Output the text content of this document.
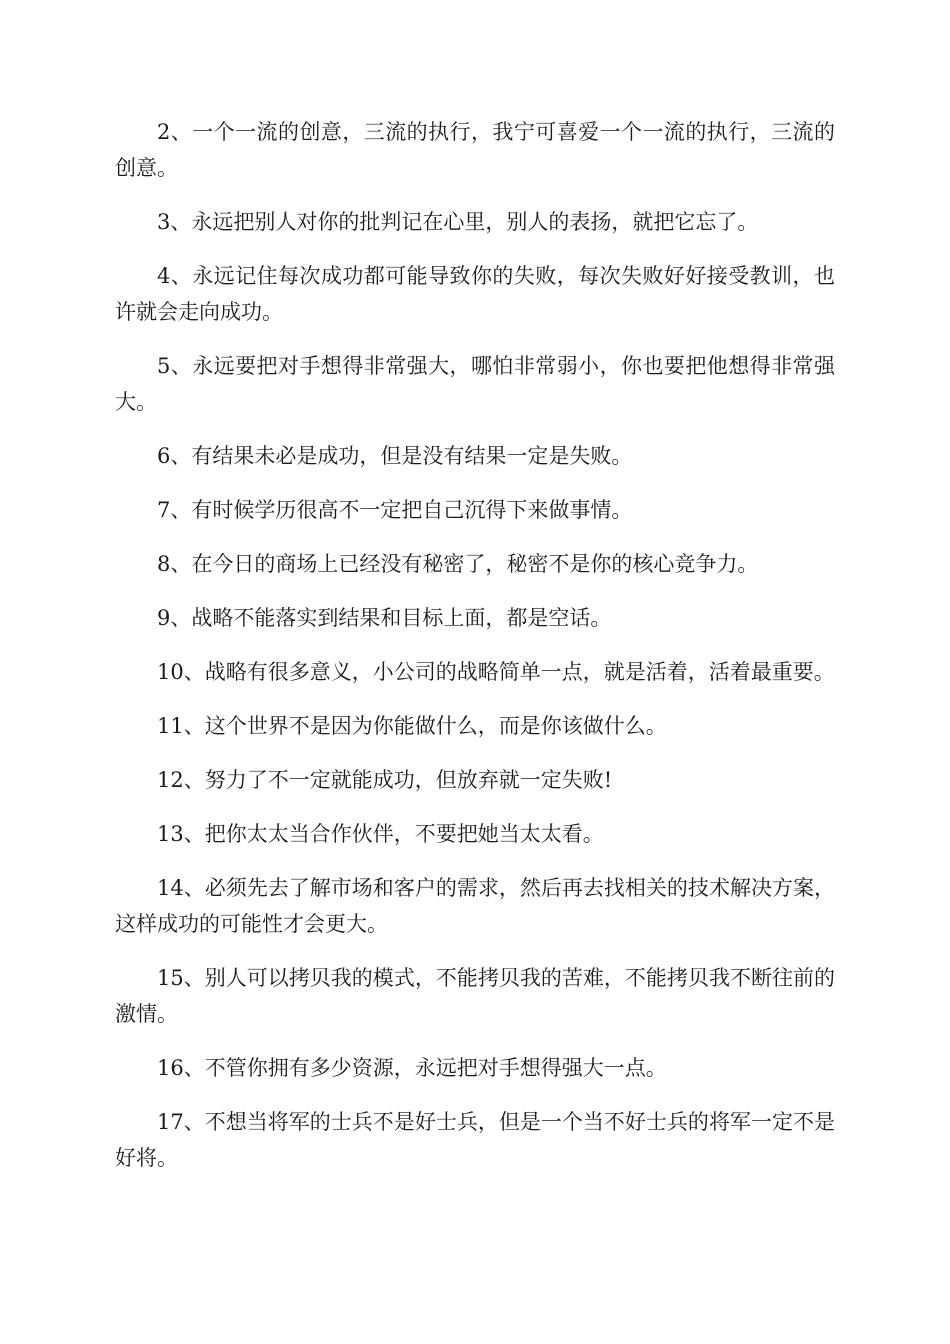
2、一个一流的创意，三流的执行，我宁可喜爱一个一流的执行，三流的创意。

3、永远把别人对你的批判记在心里，别人的表扬，就把它忘了。

4、永远记住每次成功都可能导致你的失败，每次失败好好接受教训，也许就会走向成功。

5、永远要把对手想得非常强大，哪怕非常弱小，你也要把他想得非常强大。

6、有结果未必是成功，但是没有结果一定是失败。

7、有时候学历很高不一定把自己沉得下来做事情。

8、在今日的商场上已经没有秘密了，秘密不是你的核心竞争力。

9、战略不能落实到结果和目标上面，都是空话。

10、战略有很多意义，小公司的战略简单一点，就是活着，活着最重要。

11、这个世界不是因为你能做什么，而是你该做什么。

12、努力了不一定就能成功，但放弃就一定失败!

13、把你太太当合作伙伴，不要把她当太太看。

14、必须先去了解市场和客户的需求，然后再去找相关的技术解决方案，这样成功的可能性才会更大。

15、别人可以拷贝我的模式，不能拷贝我的苦难，不能拷贝我不断往前的激情。

16、不管你拥有多少资源，永远把对手想得强大一点。

17、不想当将军的士兵不是好士兵，但是一个当不好士兵的将军一定不是好将。
